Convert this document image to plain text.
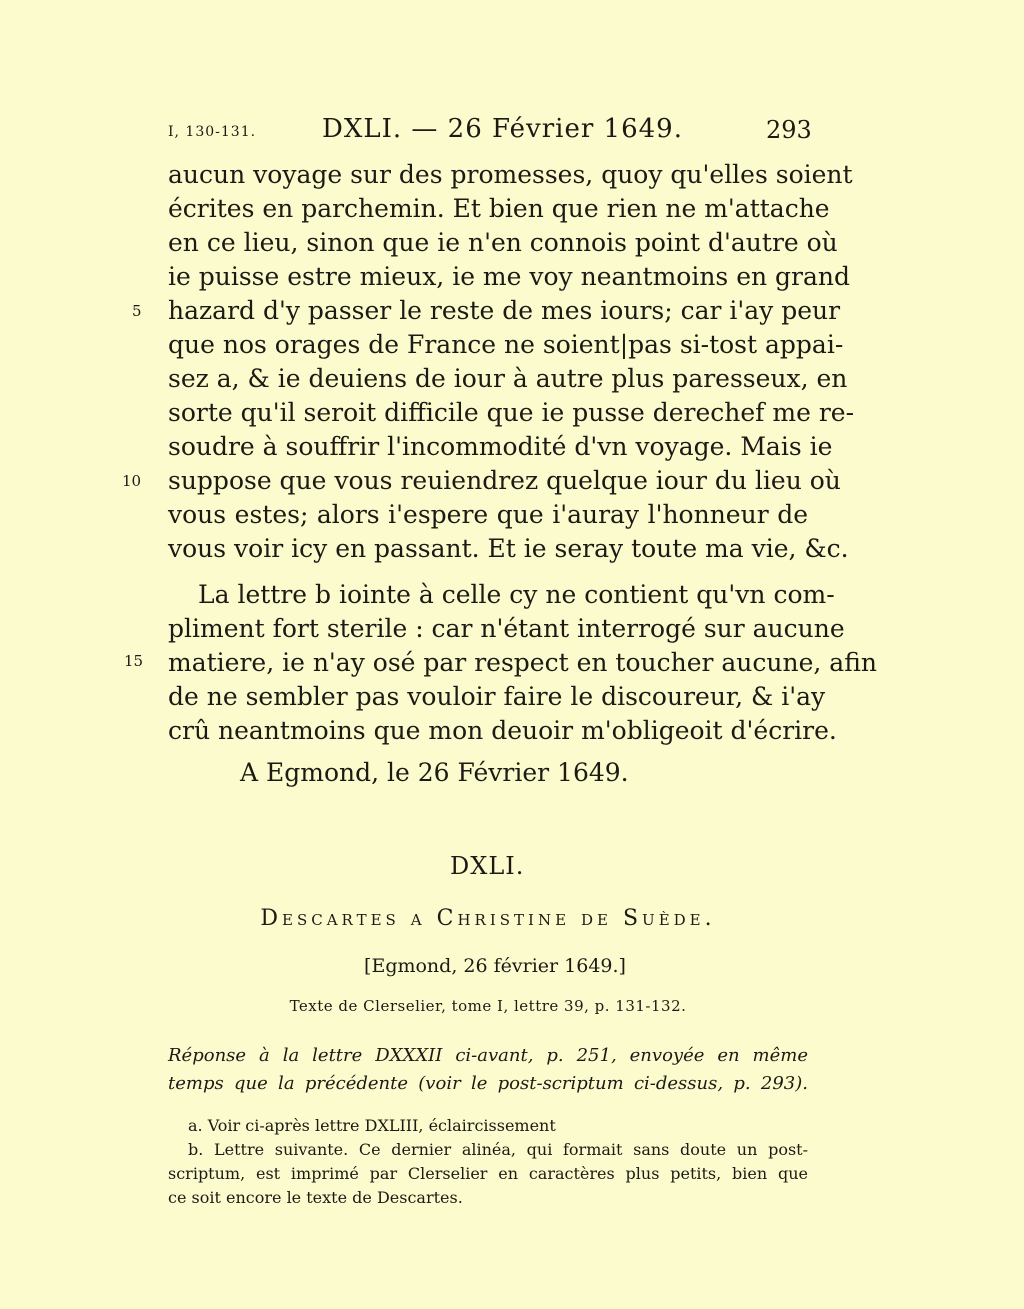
I, 130-131.	DXLI. — 26 Février 1649.	293
aucun voyage sur des promesses, quoy qu'elles soient
écrites en parchemin. Et bien que rien ne m'attache
en ce lieu, sinon que ie n'en connois point d'autre où
ie puisse estre mieux, ie me voy neantmoins en grand
hazard d'y passer le reste de mes iours; car i'ay peur
que nos orages de France ne soient|pas si-tost appai-
sez a, & ie deuiens de iour à autre plus paresseux, en
sorte qu'il seroit difficile que ie pusse derechef me re-
soudre à souffrir l'incommodité d'vn voyage. Mais ie
suppose que vous reuiendrez quelque iour du lieu où
vous estes; alors i'espere que i'auray l'honneur de
vous voir icy en passant. Et ie seray toute ma vie, &c.
5
10
15
La lettre b iointe à celle cy ne contient qu'vn com-
pliment fort sterile : car n'étant interrogé sur aucune
matiere, ie n'ay osé par respect en toucher aucune, afin
de ne sembler pas vouloir faire le discoureur, & i'ay
crû neantmoins que mon deuoir m'obligeoit d'écrire.
A Egmond, le 26 Février 1649.
DXLI.
Descartes a Christine de Suède.
[Egmond, 26 février 1649.]
Texte de Clerselier, tome I, lettre 39, p. 131-132.
Réponse à la lettre DXXXII ci-avant, p. 251, envoyée en même
temps que la précédente (voir le post-scriptum ci-dessus, p. 293).
a. Voir ci-après lettre DXLIII, éclaircissement
b. Lettre suivante. Ce dernier alinéa, qui formait sans doute un post-
scriptum, est imprimé par Clerselier en caractères plus petits, bien que
ce soit encore le texte de Descartes.
